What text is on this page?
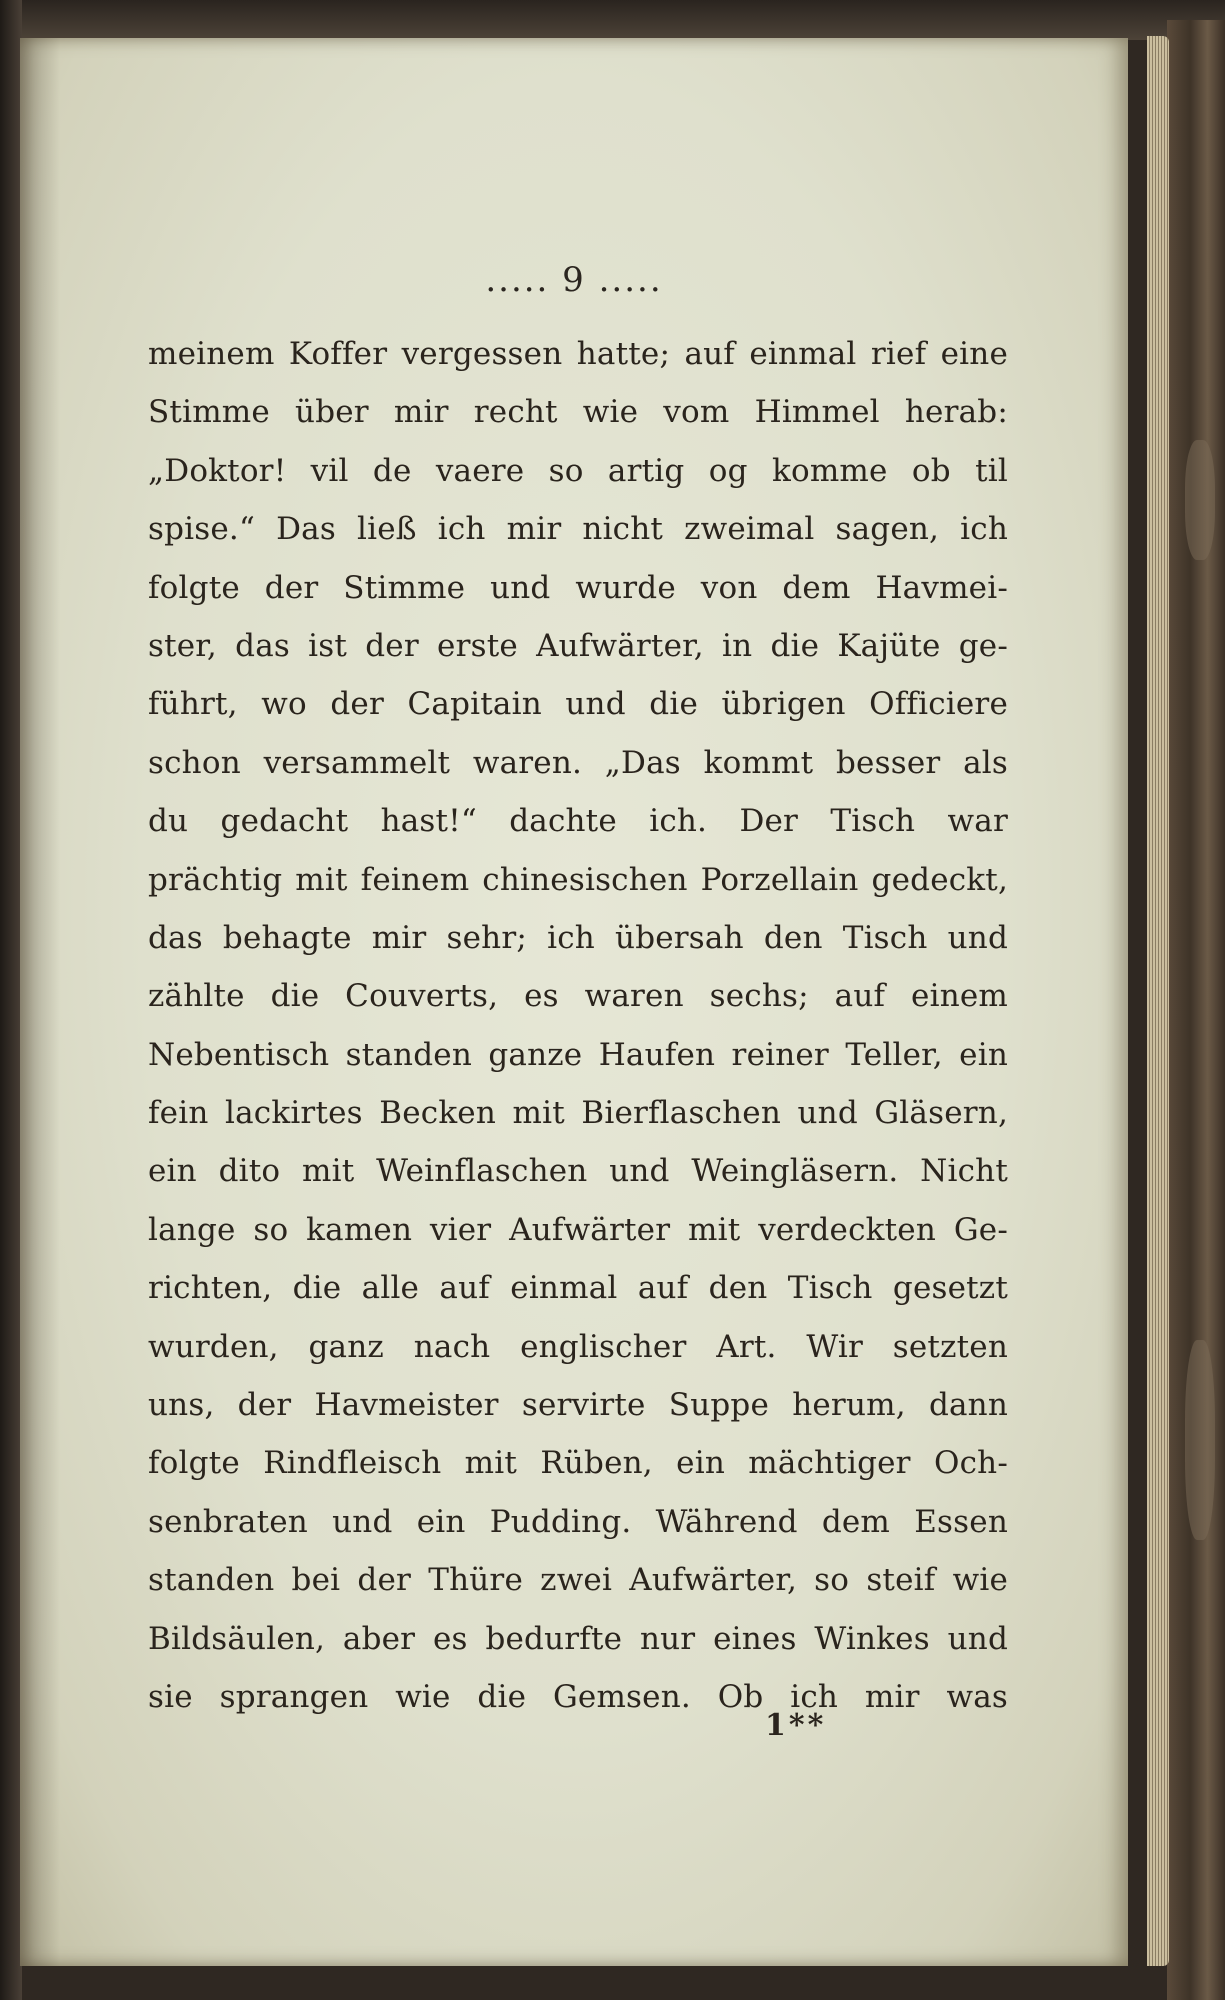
..... 9 .....
meinem Koffer vergessen hatte; auf einmal rief eine
Stimme über mir recht wie vom Himmel herab:
„Doktor! vil de vaere so artig og komme ob til
spise.“ Das ließ ich mir nicht zweimal sagen, ich
folgte der Stimme und wurde von dem Havmei-
ster, das ist der erste Aufwärter, in die Kajüte ge-
führt, wo der Capitain und die übrigen Officiere
schon versammelt waren. „Das kommt besser als
du gedacht hast!“ dachte ich. Der Tisch war
prächtig mit feinem chinesischen Porzellain gedeckt,
das behagte mir sehr; ich übersah den Tisch und
zählte die Couverts, es waren sechs; auf einem
Nebentisch standen ganze Haufen reiner Teller, ein
fein lackirtes Becken mit Bierflaschen und Gläsern,
ein dito mit Weinflaschen und Weingläsern. Nicht
lange so kamen vier Aufwärter mit verdeckten Ge-
richten, die alle auf einmal auf den Tisch gesetzt
wurden, ganz nach englischer Art. Wir setzten
uns, der Havmeister servirte Suppe herum, dann
folgte Rindfleisch mit Rüben, ein mächtiger Och-
senbraten und ein Pudding. Während dem Essen
standen bei der Thüre zwei Aufwärter, so steif wie
Bildsäulen, aber es bedurfte nur eines Winkes und
sie sprangen wie die Gemsen. Ob ich mir was
1**
